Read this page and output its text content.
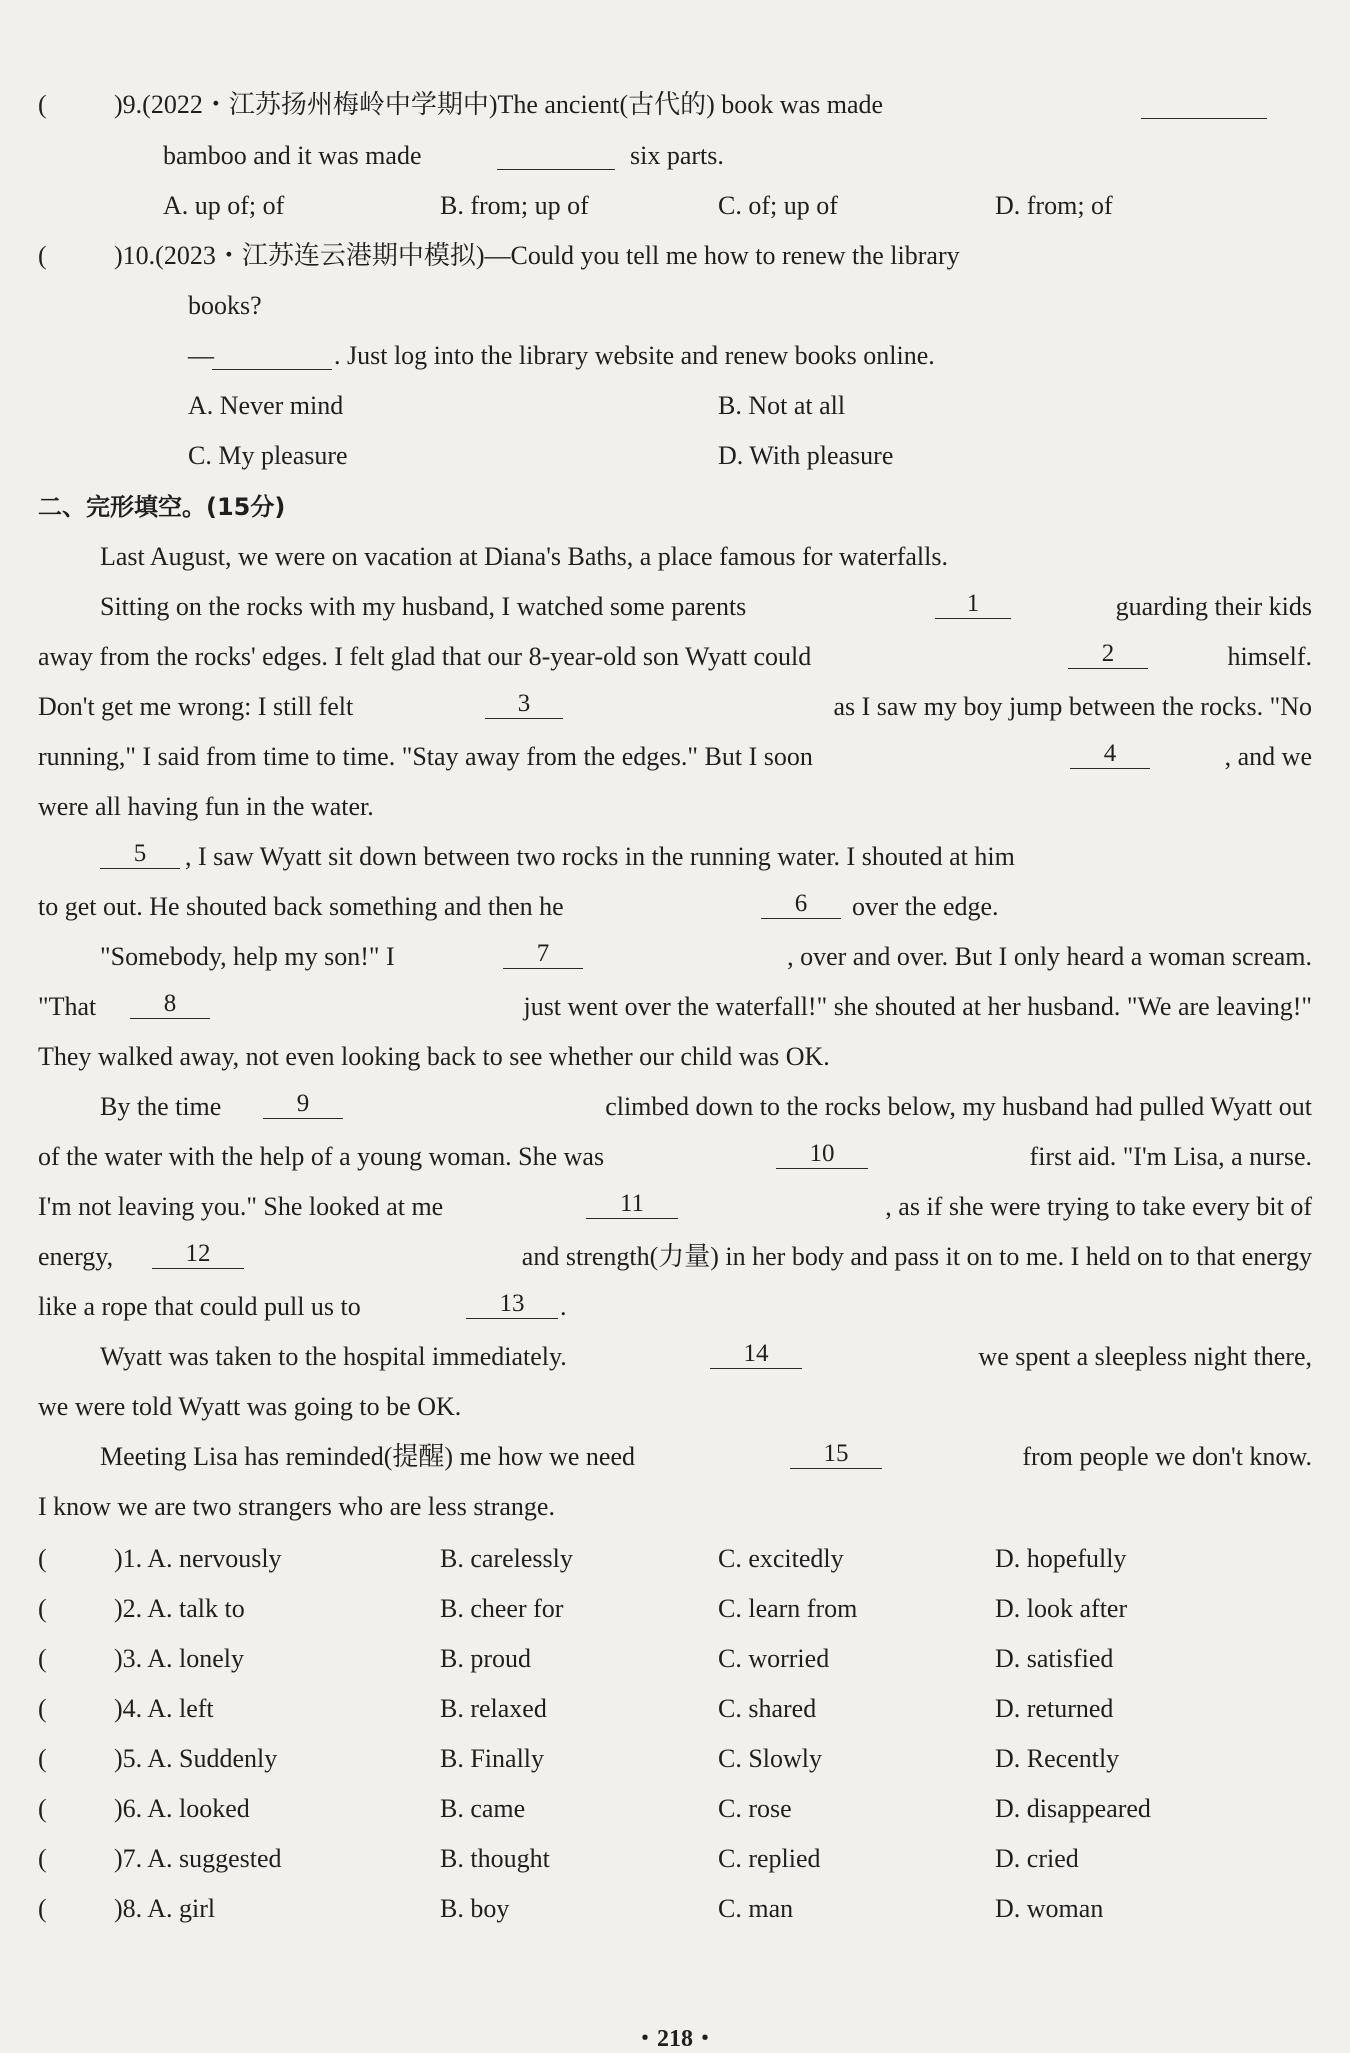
(	)9.(2022・江苏扬州梅岭中学期中)The ancient(古代的) book was made

bamboo and it was made
	six parts.
A. up of; of	B. from; up of	C. of; up of	D. from; of
(	)10.(2023・江苏连云港期中模拟)—Could you tell me how to renew the library
books?
—
	. Just log into the library website and renew books online.
A. Never mind	B. Not at all
C. My pleasure	D. With pleasure
二、完形填空。(15分)
Last August, we were on vacation at Diana's Baths, a place famous for waterfalls.
Sitting on the rocks with my husband, I watched some parents	1	guarding their kids
away from the rocks' edges. I felt glad that our 8-year-old son Wyatt could	2	himself.
Don't get me wrong: I still felt	3	as I saw my boy jump between the rocks. "No
running," I said from time to time. "Stay away from the edges." But I soon	4	, and we
were all having fun in the water.
5	, I saw Wyatt sit down between two rocks in the running water. I shouted at him
to get out. He shouted back something and then he	6	over the edge.
"Somebody, help my son!" I	7	, over and over. But I only heard a woman scream.
"That	8	just went over the waterfall!" she shouted at her husband. "We are leaving!"
They walked away, not even looking back to see whether our child was OK.
By the time	9	climbed down to the rocks below, my husband had pulled Wyatt out
of the water with the help of a young woman. She was	10	first aid. "I'm Lisa, a nurse.
I'm not leaving you." She looked at me	11	, as if she were trying to take every bit of
energy,	12	and strength(力量) in her body and pass it on to me. I held on to that energy
like a rope that could pull us to	13	.
Wyatt was taken to the hospital immediately.	14	we spent a sleepless night there,
we were told Wyatt was going to be OK.
Meeting Lisa has reminded(提醒) me how we need	15	from people we don't know.
I know we are two strangers who are less strange.
(	)1. A. nervously	B. carelessly	C. excitedly	D. hopefully
(	)2. A. talk to	B. cheer for	C. learn from	D. look after
(	)3. A. lonely	B. proud	C. worried	D. satisfied
(	)4. A. left	B. relaxed	C. shared	D. returned
(	)5. A. Suddenly	B. Finally	C. Slowly	D. Recently
(	)6. A. looked	B. came	C. rose	D. disappeared
(	)7. A. suggested	B. thought	C. replied	D. cried
(	)8. A. girl	B. boy	C. man	D. woman
・218・
